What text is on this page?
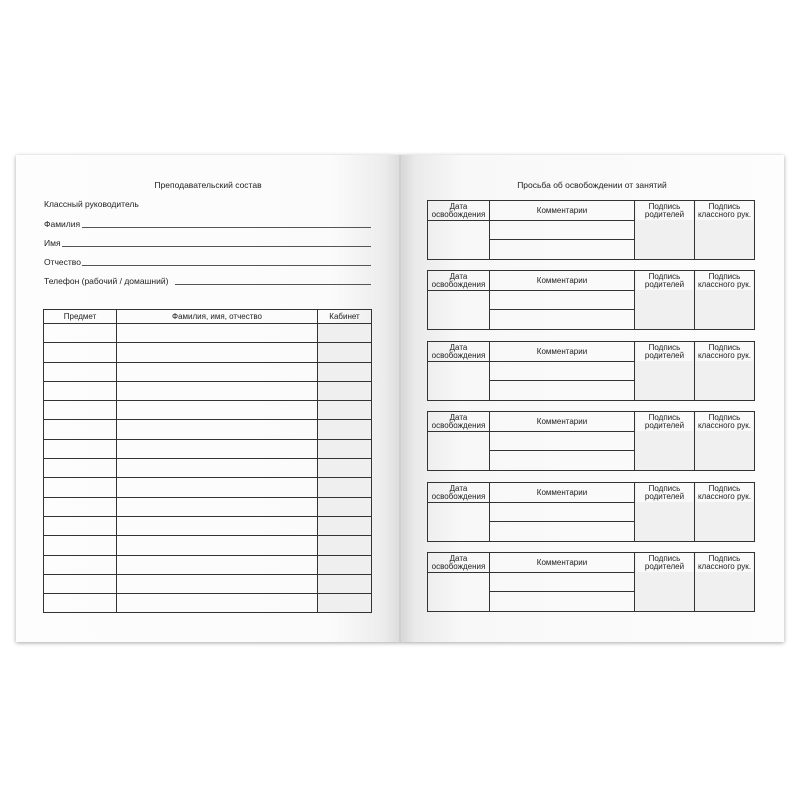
Преподавательский состав
Классный руководитель
Фамилия
Имя
Отчество
Телефон (рабочий / домашний)
Предмет	Фамилия, имя, отчество	Кабинет

Просьба об освобождении от занятий
Дата освобождения	Комментарии	Подпись родителей	Подпись классного рук.

Дата освобождения	Комментарии	Подпись родителей	Подпись классного рук.

Дата освобождения	Комментарии	Подпись родителей	Подпись классного рук.

Дата освобождения	Комментарии	Подпись родителей	Подпись классного рук.

Дата освобождения	Комментарии	Подпись родителей	Подпись классного рук.

Дата освобождения	Комментарии	Подпись родителей	Подпись классного рук.
